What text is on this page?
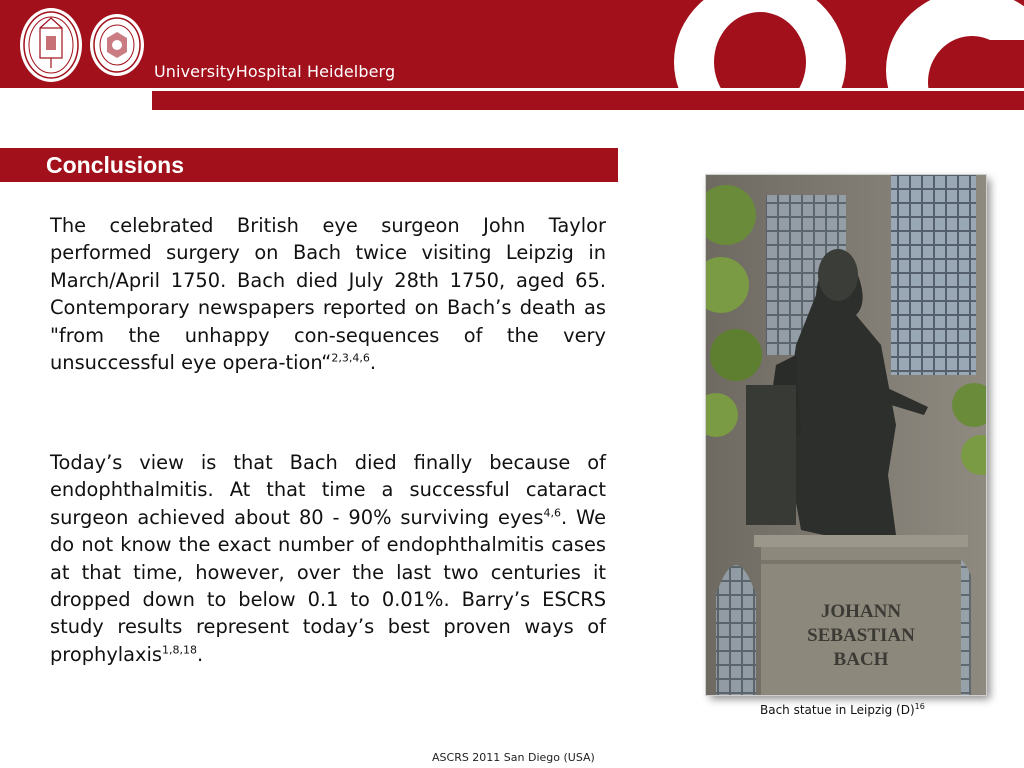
UniversityHospital Heidelberg
Conclusions
The celebrated British eye surgeon John Taylor performed surgery on Bach twice visiting Leipzig in March/April 1750. Bach died July 28th 1750, aged 65. Contemporary newspapers reported on Bach’s death as "from the unhappy con-sequences of the very unsuccessful eye opera-tion“$^{2,3,4,6}$.
Today’s view is that Bach died finally because of endophthalmitis. At that time a successful cataract surgeon achieved about 80 - 90% surviving eyes$^{4,6}$. We do not know the exact number of endophthalmitis cases at that time, however, over the last two centuries it dropped down to below 0.1 to 0.01%. Barry’s ESCRS study results represent today’s best proven ways of prophylaxis$^{1,8,18}$.
JOHANN
SEBASTIAN
BACH
Bach statue in Leipzig $(D)^{16}$
ASCRS 2011 San Diego (USA)
